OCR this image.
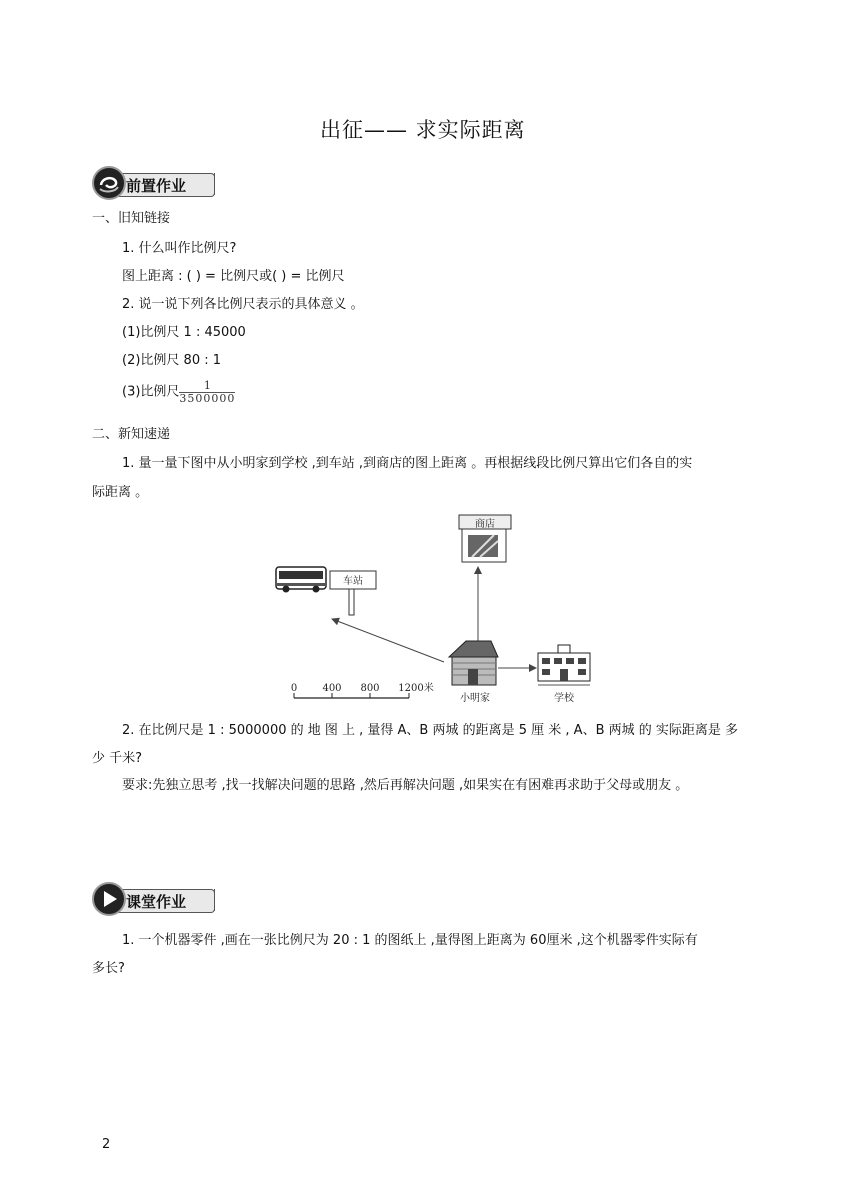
出征—— 求实际距离
前置作业
一、旧知链接
1. 什么叫作比例尺?
图上距离 : ( ) = 比例尺或( ) = 比例尺
2. 说一说下列各比例尺表示的具体意义 。
(1)比例尺 1 : 45000
(2)比例尺 80 : 1
(3)比例尺 $\frac{1}{3500000}$
二、新知速递
1. 量一量下图中从小明家到学校 ,到车站 ,到商店的图上距离 。再根据线段比例尺算出它们各自的实
际距离 。
商店
车站
小明家	学校
0	400 800 1200米
2. 在比例尺是 1 : 5000000 的 地 图 上 , 量得 A、B 两城 的距离是 5 厘 米 , A、B 两城 的 实际距离是 多
少 千米?
要求:先独立思考 ,找一找解决问题的思路 ,然后再解决问题 ,如果实在有困难再求助于父母或朋友 。
课堂作业
1. 一个机器零件 ,画在一张比例尺为 20 : 1 的图纸上 ,量得图上距离为 60厘米 ,这个机器零件实际有
多长?
2
